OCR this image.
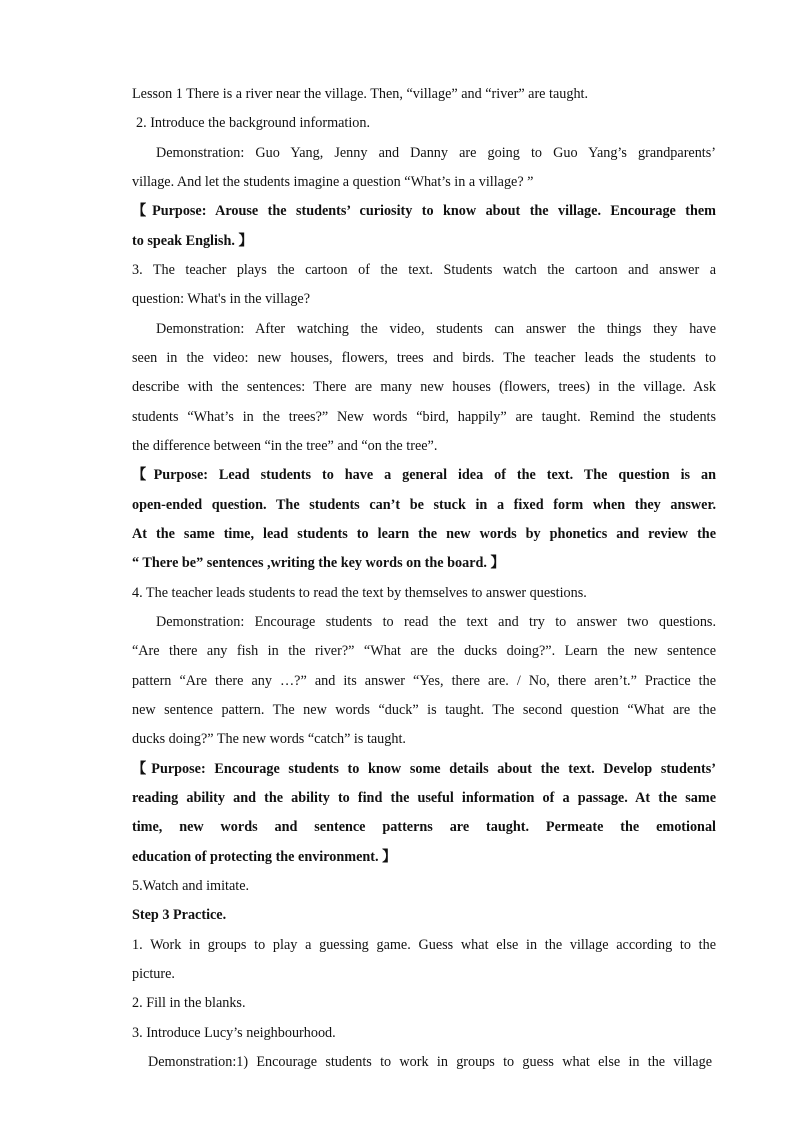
Lesson 1 There is a river near the village. Then, “village” and “river” are taught.
2. Introduce the background information.
Demonstration: Guo Yang, Jenny and Danny are going to Guo Yang’s grandparents’
village. And let the students imagine a question “What’s in a village? ”
【Purpose: Arouse the students’ curiosity to know about the village. Encourage them
to speak English. 】
3. The teacher plays the cartoon of the text. Students watch the cartoon and answer a
question: What's in the village?
Demonstration: After watching the video, students can answer the things they have
seen in the video: new houses, flowers, trees and birds. The teacher leads the students to
describe with the sentences: There are many new houses (flowers, trees) in the village. Ask
students “What’s in the trees?” New words “bird, happily” are taught. Remind the students
the difference between “in the tree” and “on the tree”.
【Purpose: Lead students to have a general idea of the text. The question is an
open-ended question. The students can’t be stuck in a fixed form when they answer.
At the same time, lead students to learn the new words by phonetics and review the
“ There be” sentences ,writing the key words on the board. 】
4. The teacher leads students to read the text by themselves to answer questions.
Demonstration: Encourage students to read the text and try to answer two questions.
“Are there any fish in the river?” “What are the ducks doing?”. Learn the new sentence
pattern “Are there any …?” and its answer “Yes, there are. / No, there aren’t.” Practice the
new sentence pattern. The new words “duck” is taught. The second question “What are the
ducks doing?” The new words “catch” is taught.
【Purpose: Encourage students to know some details about the text. Develop students’
reading ability and the ability to find the useful information of a passage. At the same
time, new words and sentence patterns are taught. Permeate the emotional
education of protecting the environment. 】
5.Watch and imitate.
Step 3 Practice.
1. Work in groups to play a guessing game. Guess what else in the village according to the
picture.
2. Fill in the blanks.
3. Introduce Lucy’s neighbourhood.
Demonstration:1) Encourage students to work in groups to guess what else in the village
